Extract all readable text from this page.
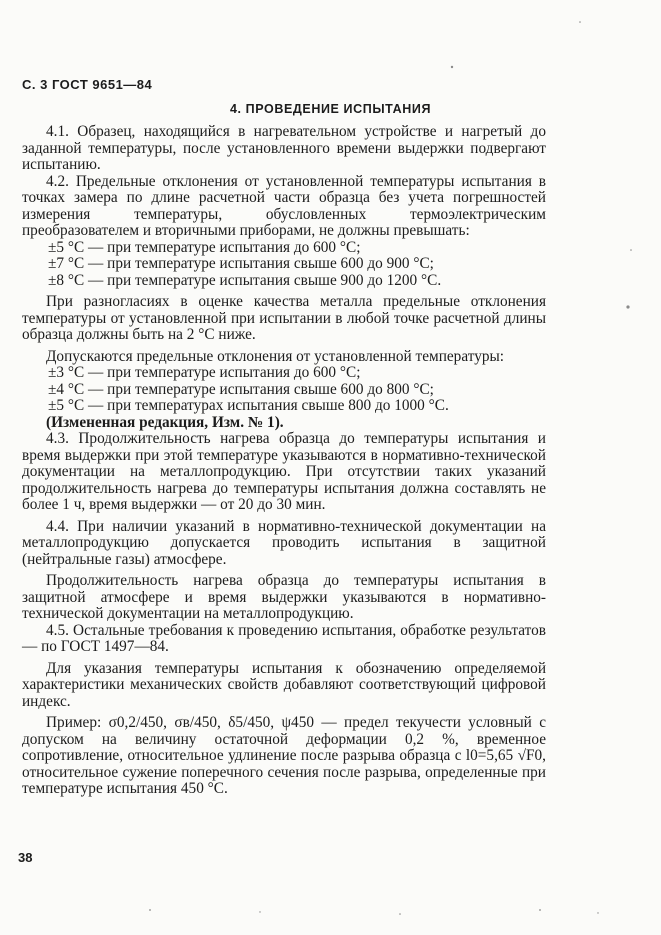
С. 3 ГОСТ 9651—84
4. ПРОВЕДЕНИЕ ИСПЫТАНИЯ

4.1. Образец, находящийся в нагревательном устройстве и нагретый до заданной температуры, после установленного времени выдержки подвергают испытанию.

4.2. Предельные отклонения от установленной температуры испытания в точках замера по длине расчетной части образца без учета погрешностей измерения температуры, обусловленных термоэлектрическим преобразователем и вторичными приборами, не должны превышать:

±5 °С — при температуре испытания до 600 °С;

±7 °С — при температуре испытания свыше 600 до 900 °С;

±8 °С — при температуре испытания свыше 900 до 1200 °С.

При разногласиях в оценке качества металла предельные отклонения температуры от установленной при испытании в любой точке расчетной длины образца должны быть на 2 °С ниже.

Допускаются предельные отклонения от установленной температуры:

±3 °С — при температуре испытания до 600 °С;

±4 °С — при температуре испытания свыше 600 до 800 °С;

±5 °С — при температурах испытания свыше 800 до 1000 °С.

(Измененная редакция, Изм. № 1).

4.3. Продолжительность нагрева образца до температуры испытания и время выдержки при этой температуре указываются в нормативно-технической документации на металлопродукцию. При отсутствии таких указаний продолжительность нагрева до температуры испытания должна составлять не более 1 ч, время выдержки — от 20 до 30 мин.

4.4. При наличии указаний в нормативно-технической документации на металлопродукцию допускается проводить испытания в защитной (нейтральные газы) атмосфере.

Продолжительность нагрева образца до температуры испытания в защитной атмосфере и время выдержки указываются в нормативно-технической документации на металлопродукцию.

4.5. Остальные требования к проведению испытания, обработке результатов — по ГОСТ 1497—84.

Для указания температуры испытания к обозначению определяемой характеристики механических свойств добавляют соответствующий цифровой индекс.

Пример: σ0,2/450, σв/450, δ5/450, ψ450 — предел текучести условный с допуском на величину остаточной деформации 0,2 %, временное сопротивление, относительное удлинение после разрыва образца с l0=5,65 √F0, относительное сужение поперечного сечения после разрыва, определенные при температуре испытания 450 °С.

38
